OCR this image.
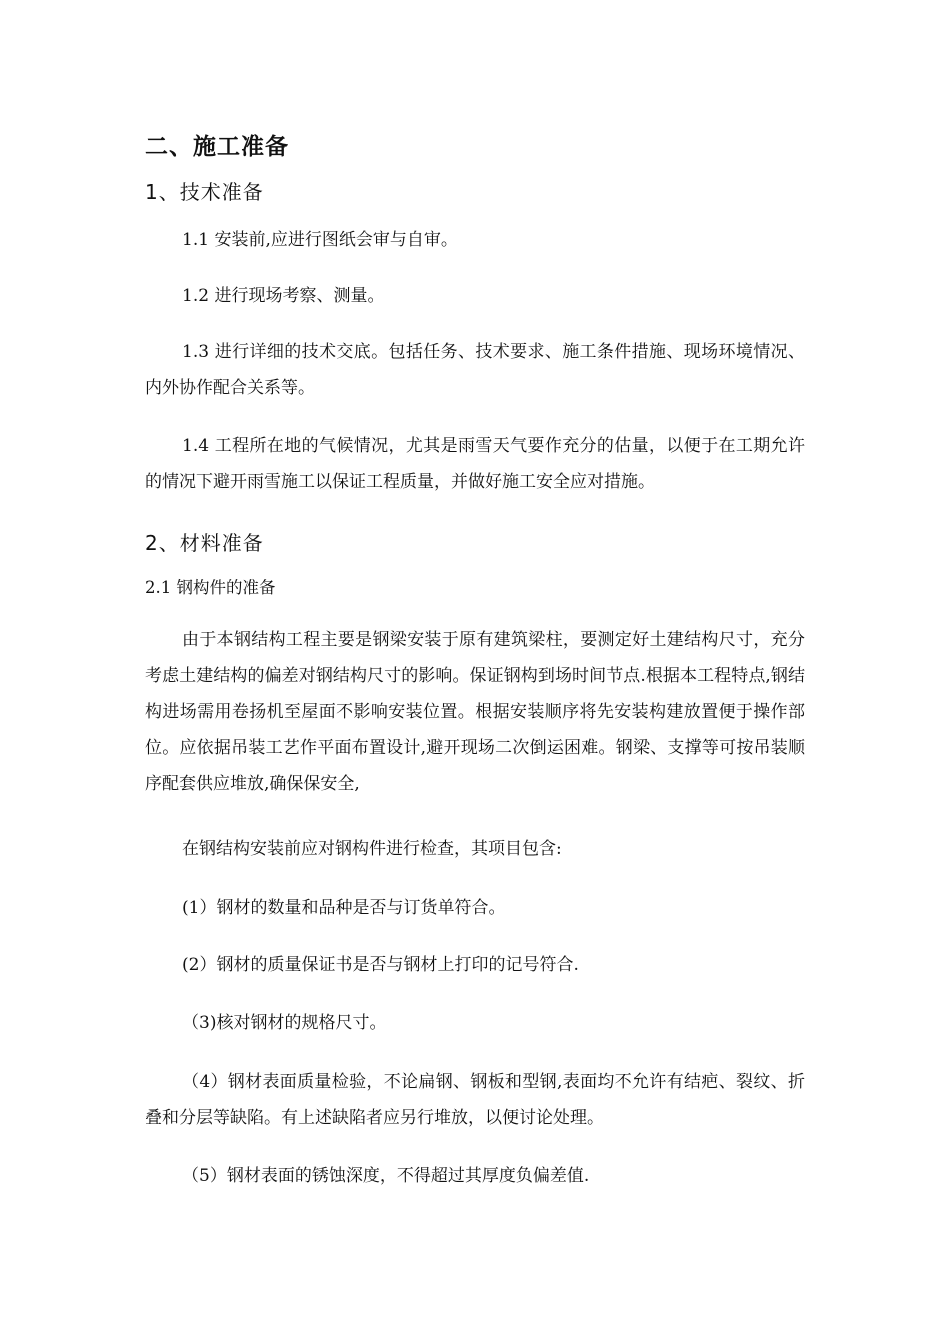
二、施工准备
1、技术准备
1.1 安装前,应进行图纸会审与自审。
1.2 进行现场考察、测量。
1.3 进行详细的技术交底。包括任务、技术要求、施工条件措施、现场环境情况、内外协作配合关系等。
1.4 工程所在地的气候情况，尤其是雨雪天气要作充分的估量，以便于在工期允许的情况下避开雨雪施工以保证工程质量，并做好施工安全应对措施。
2、材料准备
2.1 钢构件的准备
由于本钢结构工程主要是钢梁安装于原有建筑梁柱，要测定好土建结构尺寸，充分考虑土建结构的偏差对钢结构尺寸的影响。保证钢构到场时间节点.根据本工程特点,钢结构进场需用卷扬机至屋面不影响安装位置。根据安装顺序将先安装构建放置便于操作部位。应依据吊装工艺作平面布置设计,避开现场二次倒运困难。钢梁、支撑等可按吊装顺序配套供应堆放,确保保安全,
在钢结构安装前应对钢构件进行检查，其项目包含:
(1）钢材的数量和品种是否与订货单符合。
(2）钢材的质量保证书是否与钢材上打印的记号符合.
（3)核对钢材的规格尺寸。
（4）钢材表面质量检验，不论扁钢、钢板和型钢,表面均不允许有结疤、裂纹、折叠和分层等缺陷。有上述缺陷者应另行堆放，以便讨论处理。
（5）钢材表面的锈蚀深度，不得超过其厚度负偏差值.
